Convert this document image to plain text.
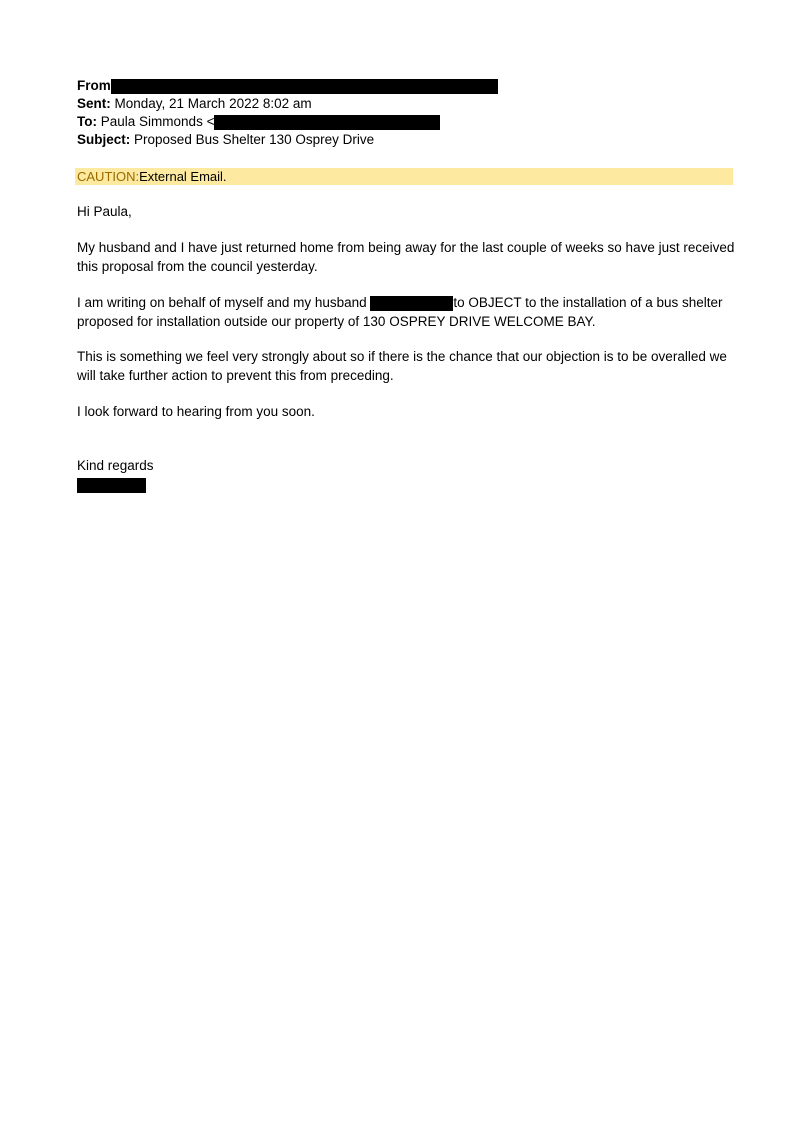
From
Sent: Monday, 21 March 2022 8:02 am
To: Paula Simmonds <
Subject: Proposed Bus Shelter 130 Osprey Drive
CAUTION:External Email.
Hi Paula,
My husband and I have just returned home from being away for the last couple of weeks so have just received this proposal from the council yesterday.
I am writing on behalf of myself and my husband	to OBJECT to the installation of a bus shelter proposed for installation outside our property of 130 OSPREY DRIVE WELCOME BAY.
This is something we feel very strongly about so if there is the chance that our objection is to be overalled we will take further action to prevent this from preceding.
I look forward to hearing from you soon.
Kind regards
